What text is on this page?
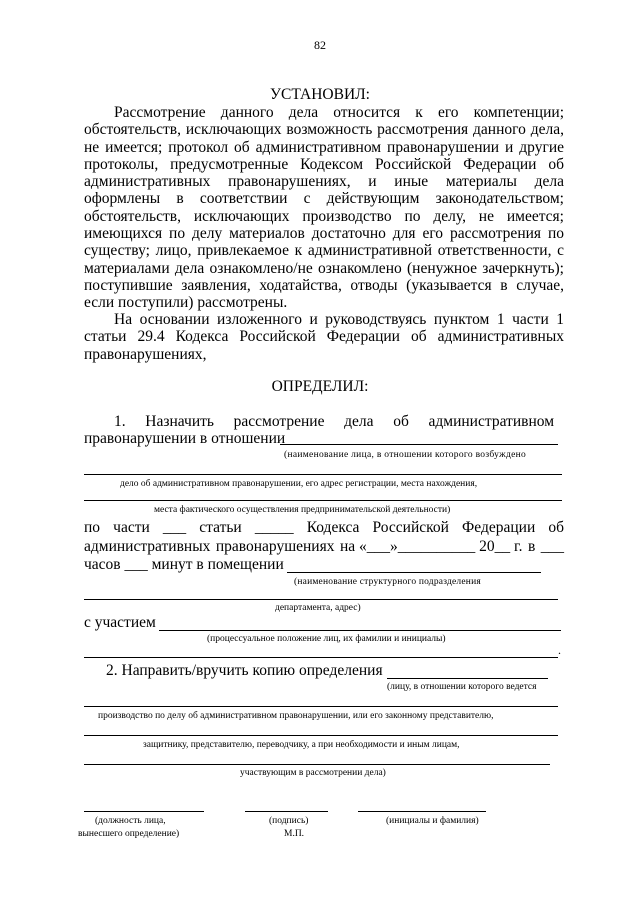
82
УСТАНОВИЛ:
Рассмотрение данного дела относится к его компетенции; обстоятельств, исключающих возможность рассмотрения данного дела, не имеется; протокол об административном правонарушении и другие протоколы, предусмотренные Кодексом Российской Федерации об административных правонарушениях, и иные материалы дела оформлены в соответствии с действующим законодательством; обстоятельств, исключающих производство по делу, не имеется; имеющихся по делу материалов достаточно для его рассмотрения по существу; лицо, привлекаемое к административной ответственности, с материалами дела ознакомлено/не ознакомлено (ненужное зачеркнуть); поступившие заявления, ходатайства, отводы (указывается в случае, если поступили) рассмотрены.
На основании изложенного и руководствуясь пунктом 1 части 1 статьи 29.4 Кодекса Российской Федерации об административных правонарушениях,
ОПРЕДЕЛИЛ:
1. Назначить рассмотрение дела об административном правонарушении в отношении
(наименование лица, в отношении которого возбуждено
дело об административном правонарушении, его адрес регистрации, места нахождения,
места фактического осуществления предпринимательской деятельности)
по части ___ статьи _____ Кодекса Российской Федерации об
административных правонарушениях на «___»__________ 20__ г. в ___
часов ___ минут в помещении
(наименование структурного подразделения
департамента, адрес)
с участием
(процессуальное положение лиц, их фамилии и инициалы)
.
2. Направить/вручить копию определения
(лицу, в отношении которого ведется
производство по делу об административном правонарушении, или его законному представителю,
защитнику, представителю, переводчику, а при необходимости и иным лицам,
участвующим в рассмотрении дела)
(должность лица,
вынесшего определение)
(подпись)
М.П.
(инициалы и фамилия)
